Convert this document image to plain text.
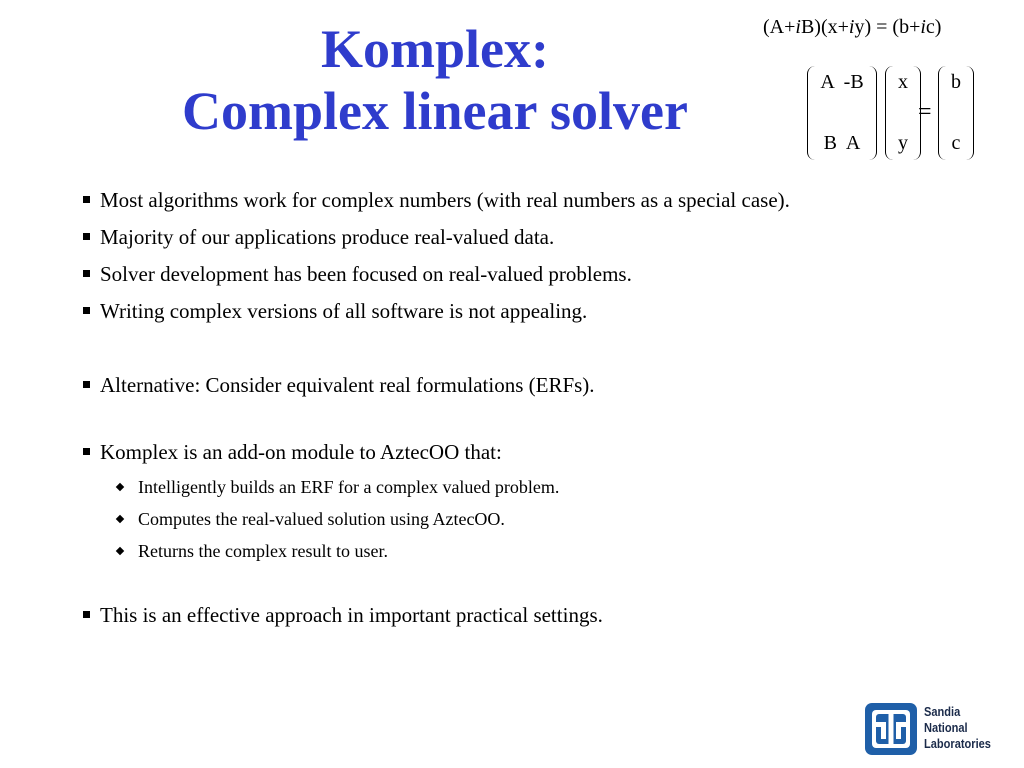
Komplex:
Complex linear solver
(A+iB)(x+iy) = (b+ic)
A  -B
B  A
x
y
=
b
c
Most algorithms work for complex numbers (with real numbers as a special case).
Majority of our applications produce real-valued data.
Solver development has been focused on real-valued problems.
Writing complex versions of all software is not appealing.
Alternative: Consider equivalent real formulations (ERFs).
Komplex is an add-on module to AztecOO that:
Intelligently builds an ERF for a complex valued problem.
Computes the real-valued solution using AztecOO.
Returns the complex result to user.
This is an effective approach in important practical settings.
Sandia
National
Laboratories
